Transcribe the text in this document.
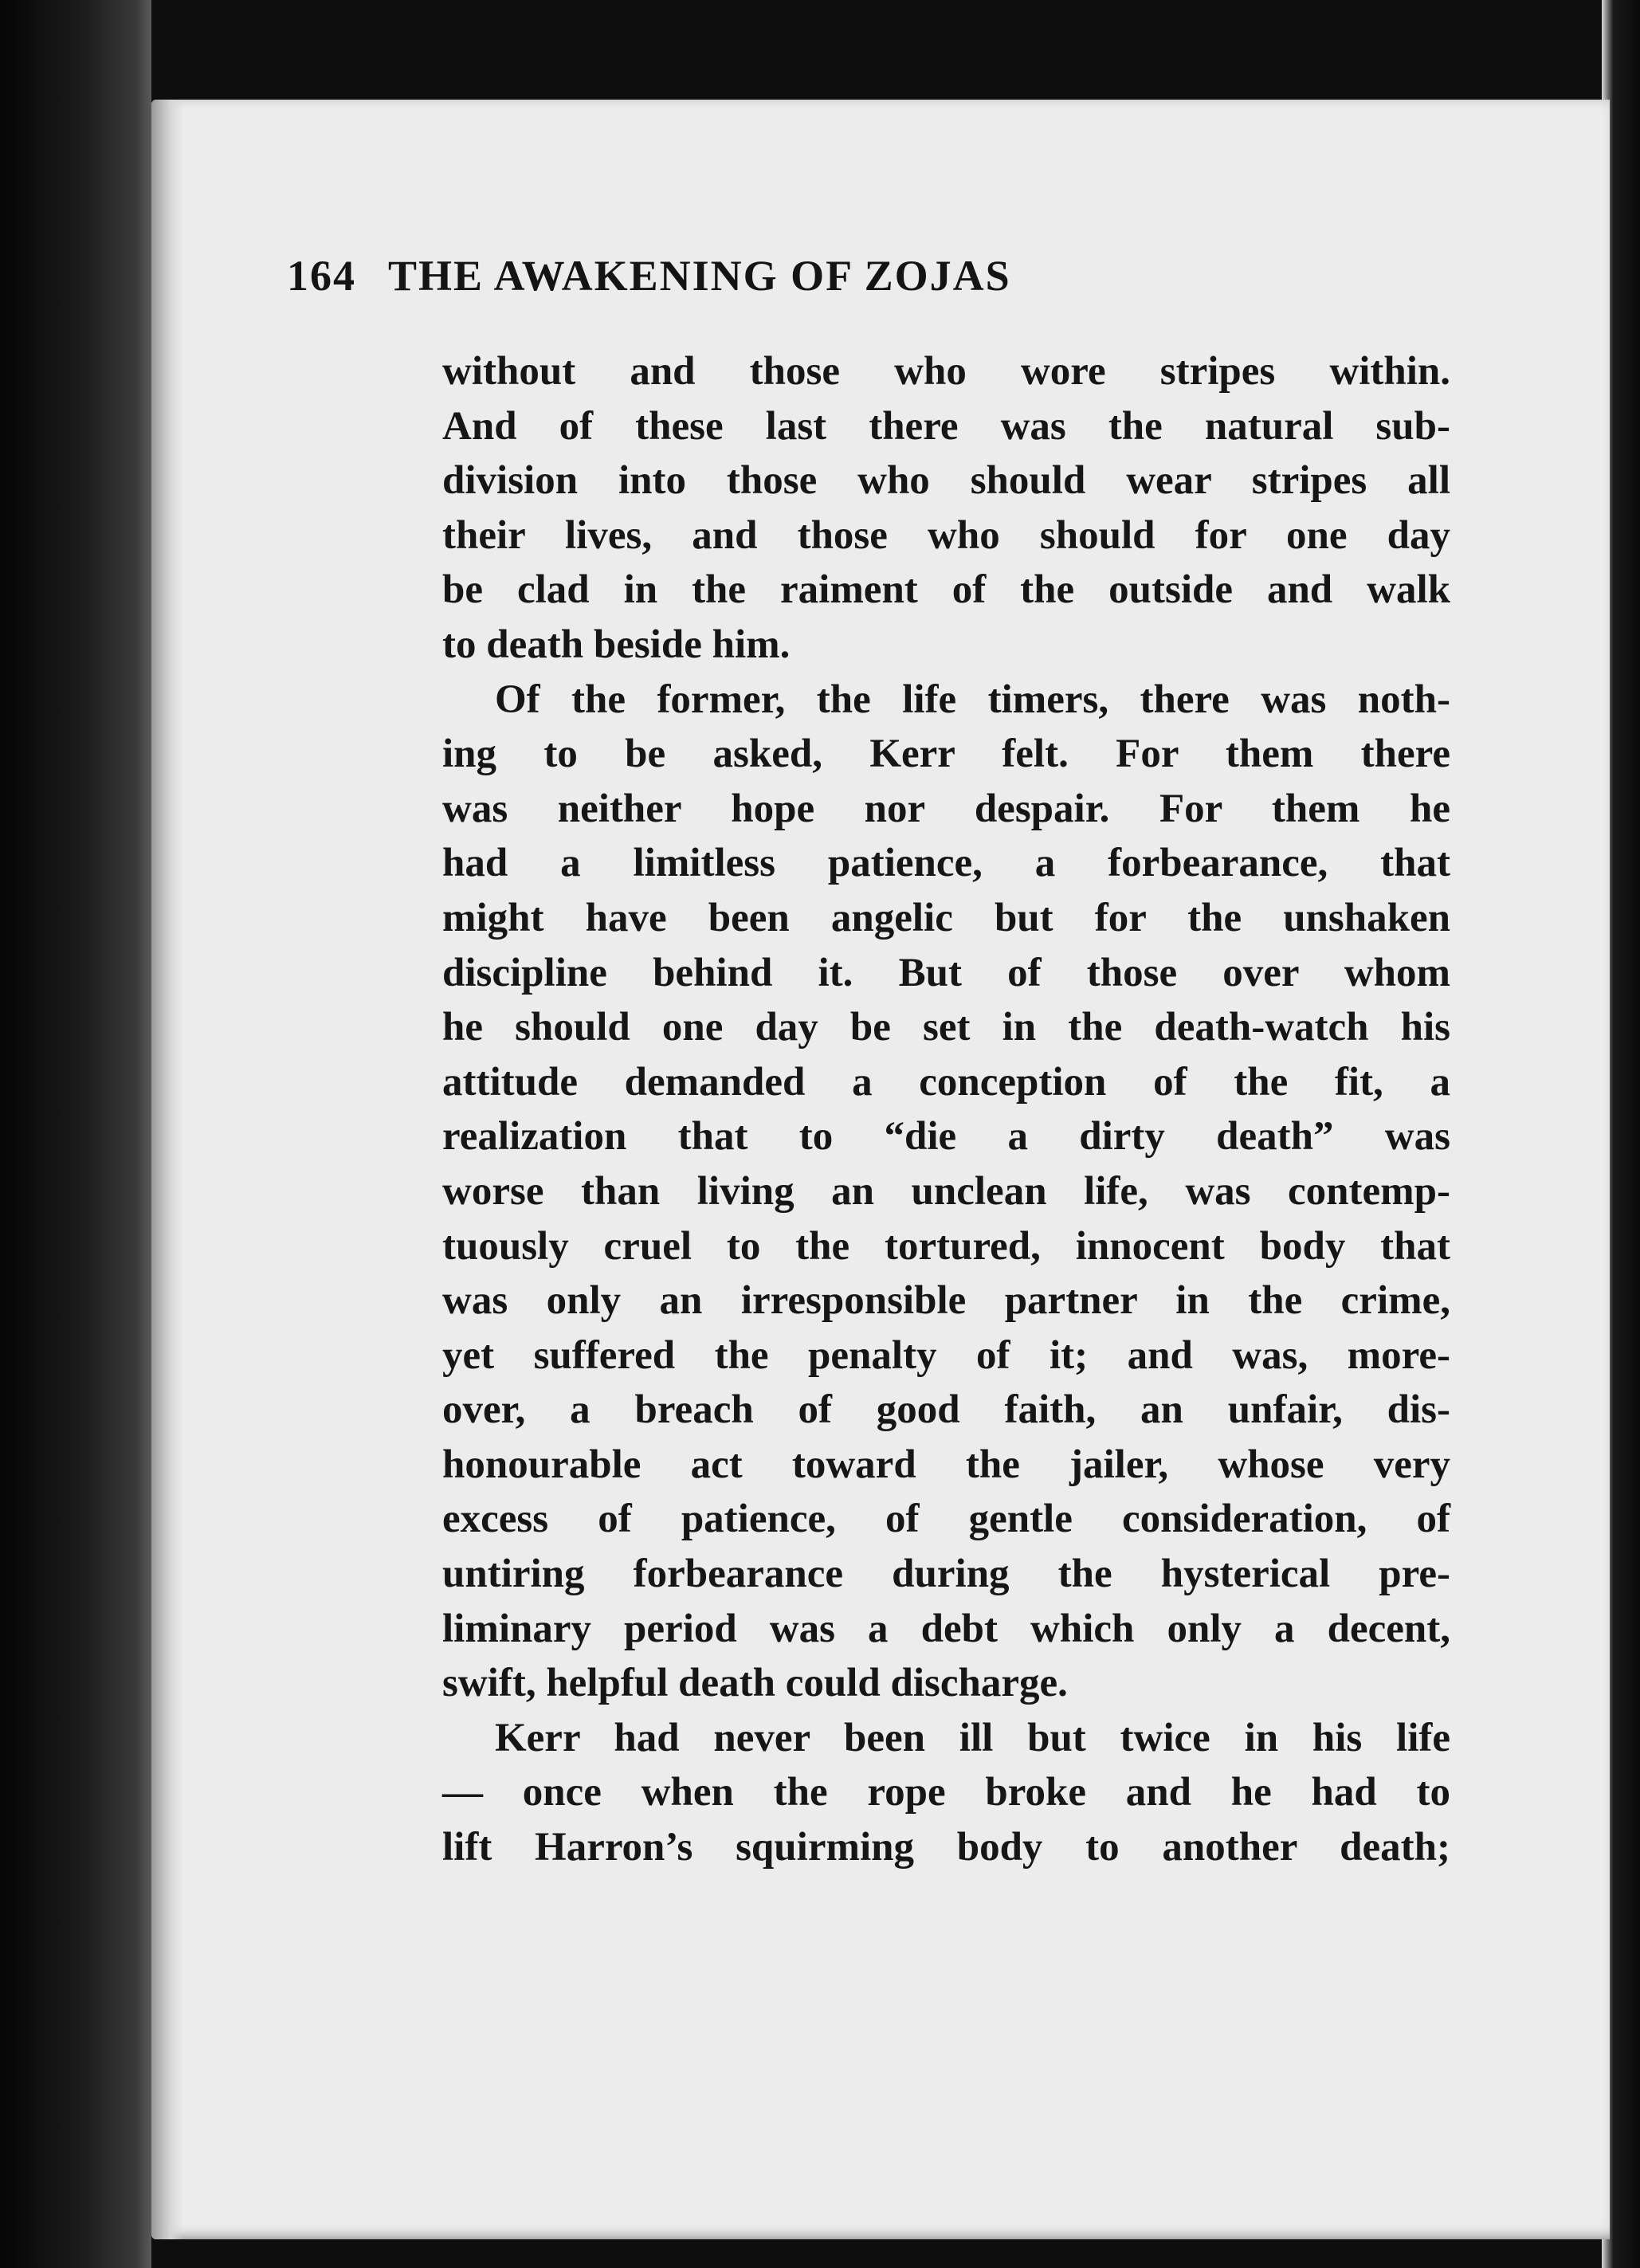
164 THE AWAKENING OF ZOJAS
without and those who wore stripes within.
And of these last there was the natural sub-
division into those who should wear stripes all
their lives, and those who should for one day
be clad in the raiment of the outside and walk
to death beside him.
Of the former, the life timers, there was noth-
ing to be asked, Kerr felt. For them there
was neither hope nor despair. For them he
had a limitless patience, a forbearance, that
might have been angelic but for the unshaken
discipline behind it. But of those over whom
he should one day be set in the death-watch his
attitude demanded a conception of the fit, a
realization that to “die a dirty death” was
worse than living an unclean life, was contemp-
tuously cruel to the tortured, innocent body that
was only an irresponsible partner in the crime,
yet suffered the penalty of it; and was, more-
over, a breach of good faith, an unfair, dis-
honourable act toward the jailer, whose very
excess of patience, of gentle consideration, of
untiring forbearance during the hysterical pre-
liminary period was a debt which only a decent,
swift, helpful death could discharge.
Kerr had never been ill but twice in his life
— once when the rope broke and he had to
lift Harron’s squirming body to another death;
